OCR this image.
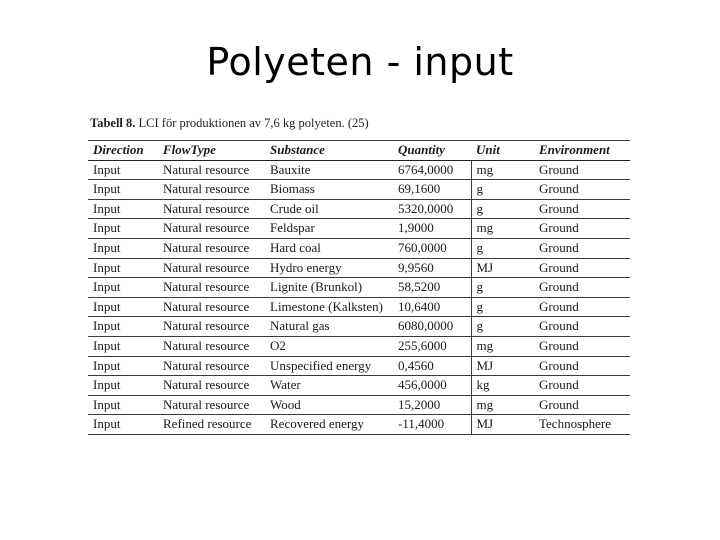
Polyeten - input
Tabell 8. LCI för produktionen av 7,6 kg polyeten. (25)
Direction	FlowType	Substance	Quantity	Unit	Environment
Input	Natural resource	Bauxite	6764,0000	mg	Ground
Input	Natural resource	Biomass	69,1600	g	Ground
Input	Natural resource	Crude oil	5320,0000	g	Ground
Input	Natural resource	Feldspar	1,9000	mg	Ground
Input	Natural resource	Hard coal	760,0000	g	Ground
Input	Natural resource	Hydro energy	9,9560	MJ	Ground
Input	Natural resource	Lignite (Brunkol)	58,5200	g	Ground
Input	Natural resource	Limestone (Kalksten)	10,6400	g	Ground
Input	Natural resource	Natural gas	6080,0000	g	Ground
Input	Natural resource	O2	255,6000	mg	Ground
Input	Natural resource	Unspecified energy	0,4560	MJ	Ground
Input	Natural resource	Water	456,0000	kg	Ground
Input	Natural resource	Wood	15,2000	mg	Ground
Input	Refined resource	Recovered energy	-11,4000	MJ	Technosphere
